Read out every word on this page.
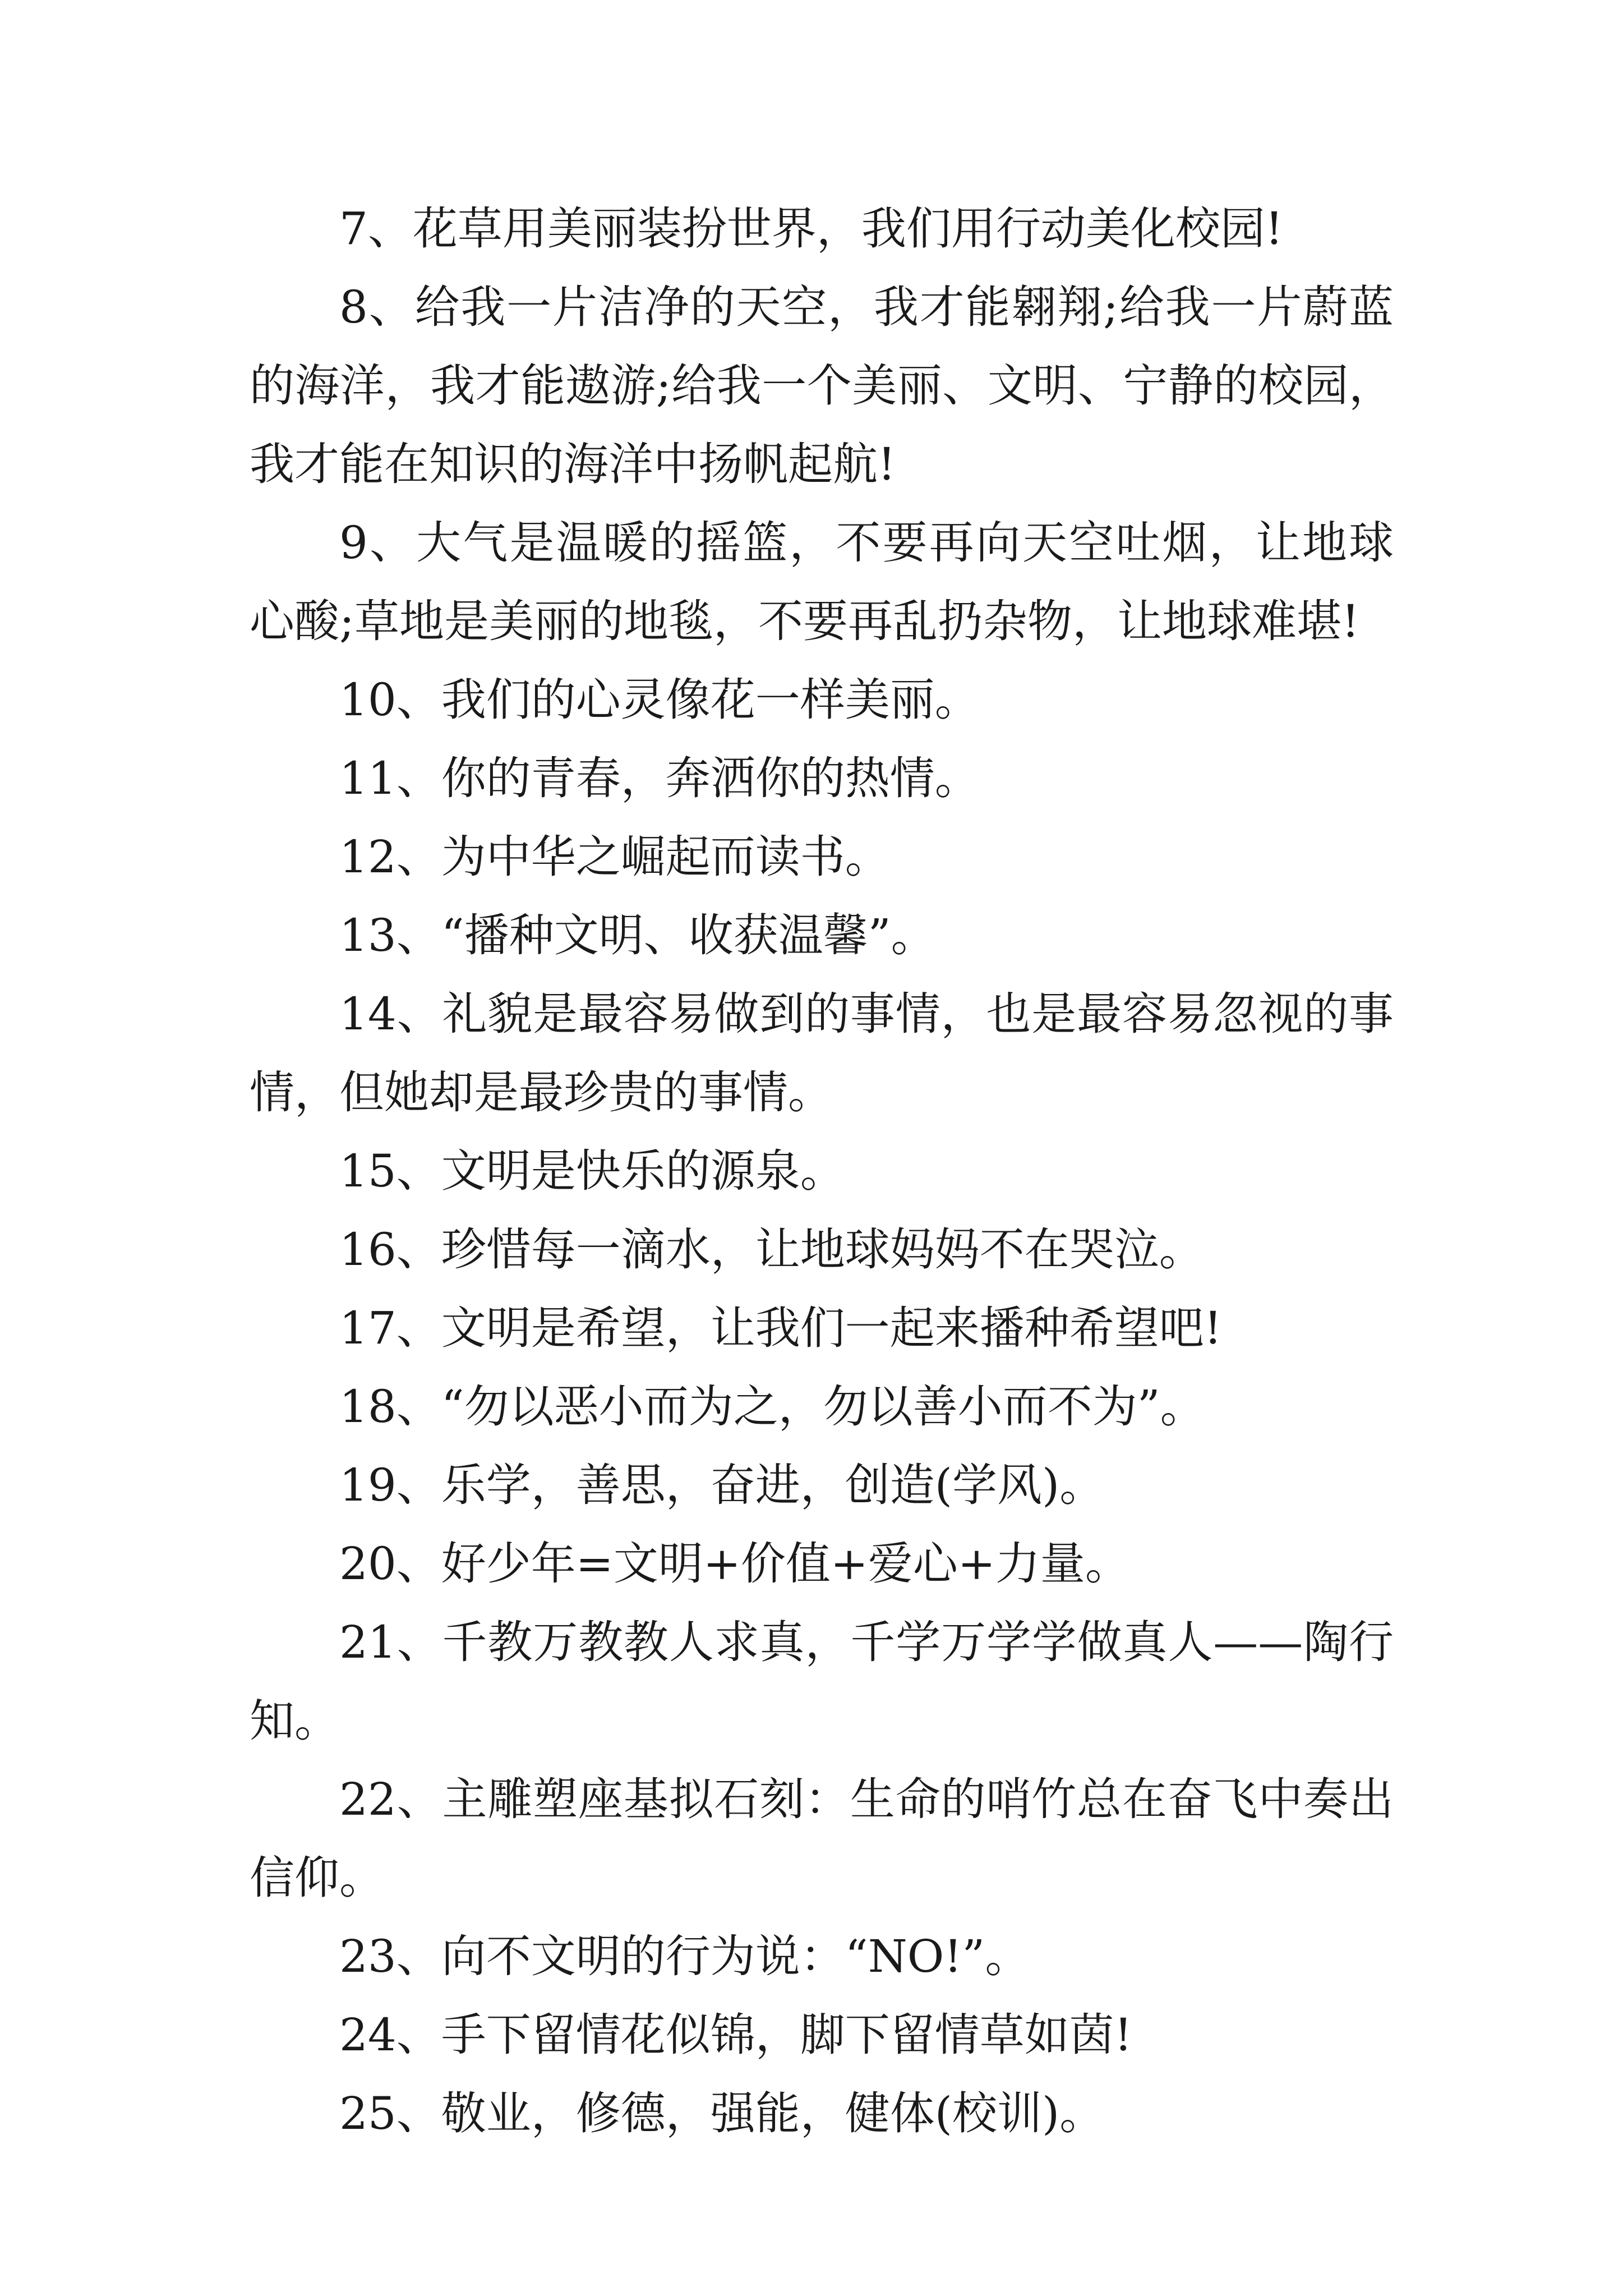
7、花草用美丽装扮世界，我们用行动美化校园!

8、给我一片洁净的天空，我才能翱翔;给我一片蔚蓝的海洋，我才能遨游;给我一个美丽、文明、宁静的校园，我才能在知识的海洋中扬帆起航!

9、大气是温暖的摇篮，不要再向天空吐烟，让地球心酸;草地是美丽的地毯，不要再乱扔杂物，让地球难堪!

10、我们的心灵像花一样美丽。

11、你的青春，奔洒你的热情。

12、为中华之崛起而读书。

13、“播种文明、收获温馨”。

14、礼貌是最容易做到的事情，也是最容易忽视的事情，但她却是最珍贵的事情。

15、文明是快乐的源泉。

16、珍惜每一滴水，让地球妈妈不在哭泣。

17、文明是希望，让我们一起来播种希望吧!

18、“勿以恶小而为之，勿以善小而不为”。

19、乐学，善思，奋进，创造(学风)。

20、好少年=文明+价值+爱心+力量。

21、千教万教教人求真，千学万学学做真人——陶行知。

22、主雕塑座基拟石刻：生命的哨竹总在奋飞中奏出信仰。

23、向不文明的行为说：“NO!”。

24、手下留情花似锦，脚下留情草如茵!

25、敬业，修德，强能，健体(校训)。
